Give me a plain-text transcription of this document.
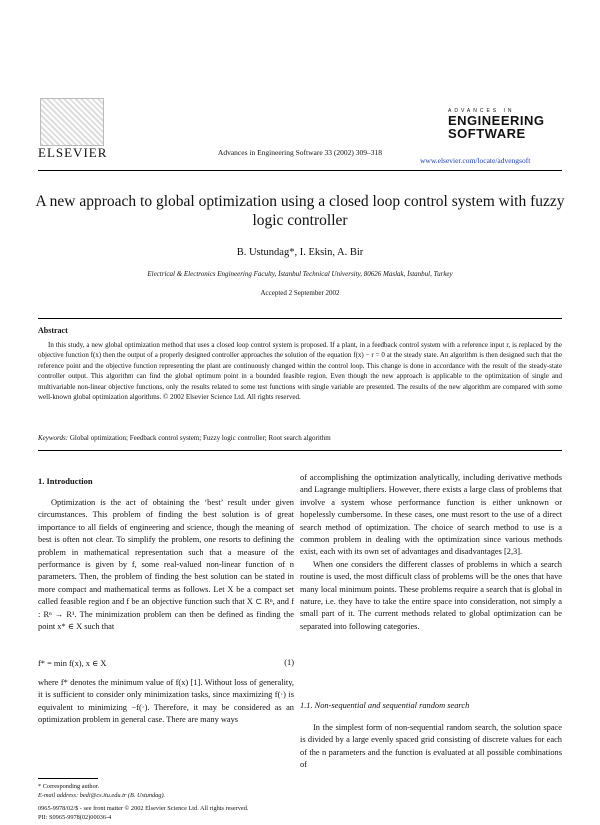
ELSEVIER	Advances in Engineering Software 33 (2002) 309–318
ADVANCES IN
ENGINEERING
SOFTWARE
www.elsevier.com/locate/advengsoft
A new approach to global optimization using a closed loop control system with fuzzy logic controller
B. Ustundag*, I. Eksin, A. Bir
Electrical & Electronics Engineering Faculty, İstanbul Technical University, 80626 Maslak, İstanbul, Turkey
Accepted 2 September 2002
Abstract
In this study, a new global optimization method that uses a closed loop control system is proposed. If a plant, in a feedback control system with a reference input r, is replaced by the objective function f(x) then the output of a properly designed controller approaches the solution of the equation f(x) − r = 0 at the steady state. An algorithm is then designed such that the reference point and the objective function representing the plant are continuously changed within the control loop. This change is done in accordance with the result of the steady-state controller output. This algorithm can find the global optimum point in a bounded feasible region. Even though the new approach is applicable to the optimization of single and multivariable non-linear objective functions, only the results related to some test functions with single variable are presented. The results of the new algorithm are compared with some well-known global optimization algorithms. © 2002 Elsevier Science Ltd. All rights reserved.
Keywords: Global optimization; Feedback control system; Fuzzy logic controller; Root search algorithm
1. Introduction

Optimization is the act of obtaining the ‘best’ result under given circumstances. This problem of finding the best solution is of great importance to all fields of engineering and science, though the meaning of best is often not clear. To simplify the problem, one resorts to defining the problem in mathematical representation such that a measure of the performance is given by f, some real-valued non-linear function of n parameters. Then, the problem of finding the best solution can be stated in more compact and mathematical terms as follows. Let X be a compact set called feasible region and f be an objective function such that X ⊂ Rⁿ, and f : Rⁿ → R¹. The minimization problem can then be defined as finding the point x* ∈ X such that

f* = min f(x), x ∈ X	(1)

where f* denotes the minimum value of f(x) [1]. Without loss of generality, it is sufficient to consider only minimization tasks, since maximizing f(·) is equivalent to minimizing −f(·). Therefore, it may be considered as an optimization problem in general case. There are many ways

of accomplishing the optimization analytically, including derivative methods and Lagrange multipliers. However, there exists a large class of problems that involve a system whose performance function is either unknown or hopelessly cumbersome. In these cases, one must resort to the use of a direct search method of optimization. The choice of search method to use is a common problem in dealing with the optimization since various methods exist, each with its own set of advantages and disadvantages [2,3].

When one considers the different classes of problems in which a search routine is used, the most difficult class of problems will be the ones that have many local minimum points. These problems require a search that is global in nature, i.e. they have to take the entire space into consideration, not simply a small part of it. The current methods related to global optimization can be separated into following categories.

1.1. Non-sequential and sequential random search

In the simplest form of non-sequential random search, the solution space is divided by a large evenly spaced grid consisting of discrete values for each of the n parameters and the function is evaluated at all possible combinations of

* Corresponding author.
E-mail address: bedi@cs.itu.edu.tr (B. Ustundag).
0965-9978/02/$ - see front matter © 2002 Elsevier Science Ltd. All rights reserved.
PII: S0965-9978(02)00036-4
